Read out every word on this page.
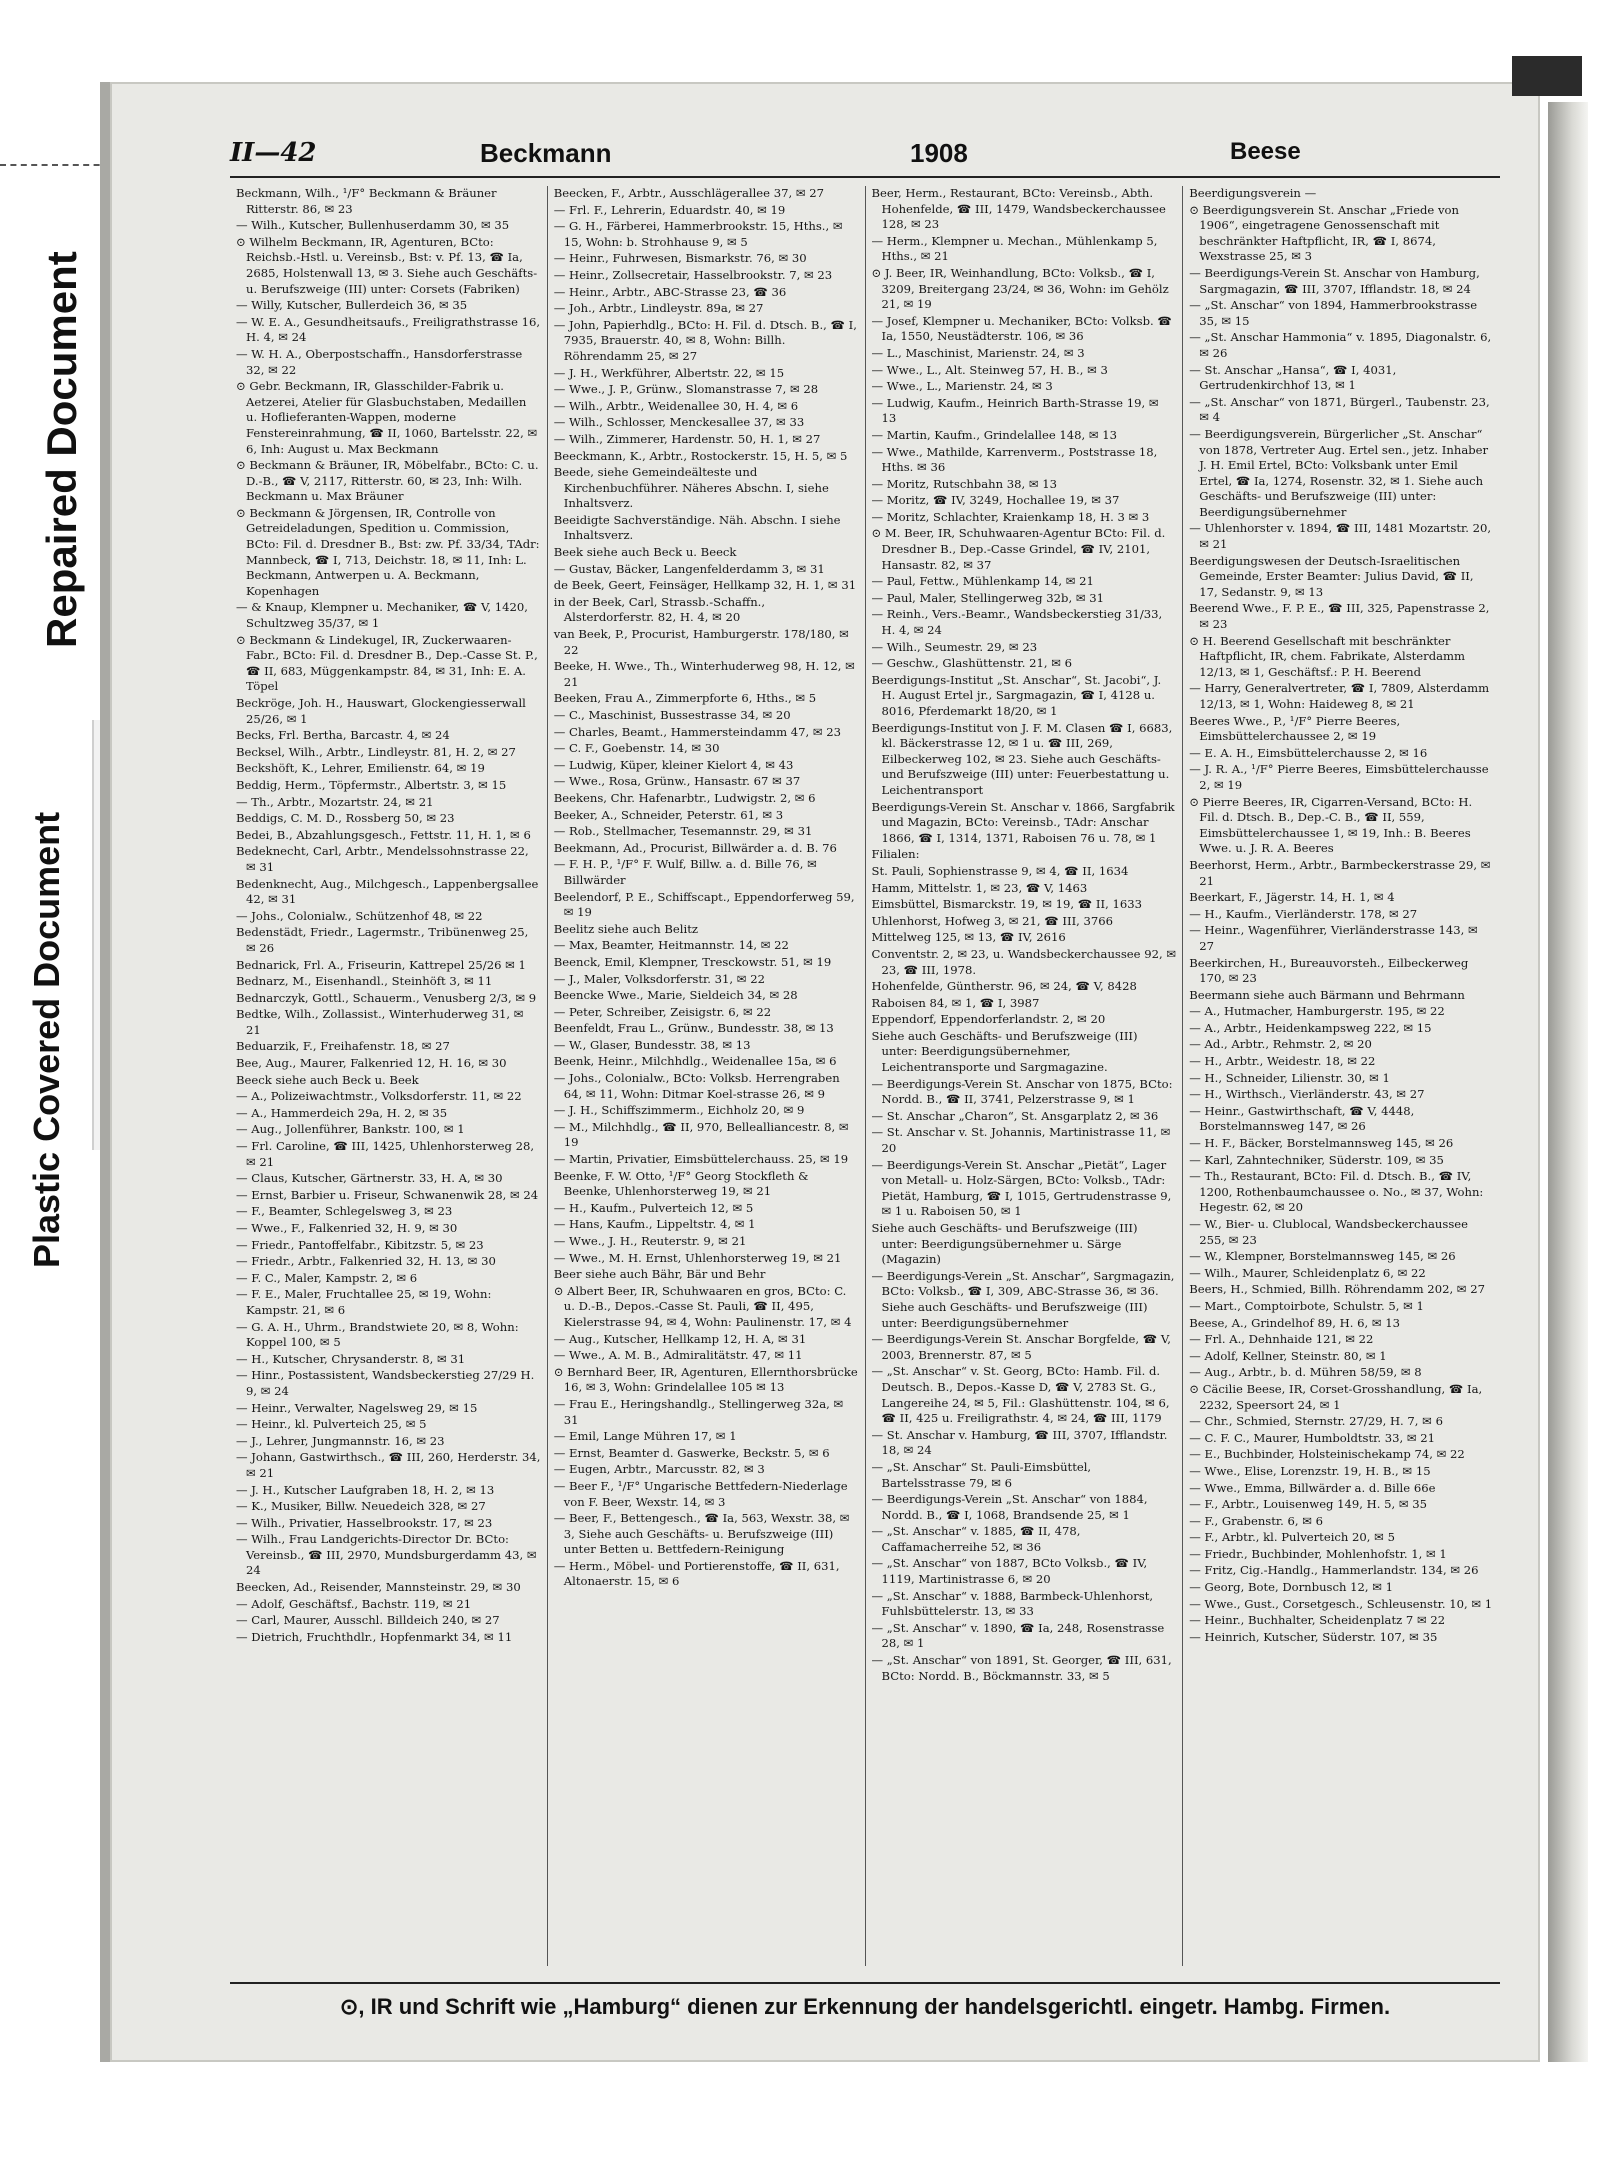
Repaired Document
Plastic Covered Document
II—42	Beckmann	1908	Beese
Beckmann, Wilh., ¹/F° Beckmann & Bräuner Ritterstr. 86, ✉ 23
— Wilh., Kutscher, Bullenhuserdamm 30, ✉ 35
⊙ Wilhelm Beckmann, IR, Agenturen, BCto: Reichsb.-Hstl. u. Vereinsb., Bst: v. Pf. 13, ☎ Ia, 2685, Holstenwall 13, ✉ 3. Siehe auch Geschäfts- u. Berufszweige (III) unter: Corsets (Fabriken)
— Willy, Kutscher, Bullerdeich 36, ✉ 35
— W. E. A., Gesundheitsaufs., Freiligrathstrasse 16, H. 4, ✉ 24
— W. H. A., Oberpostschaffn., Hansdorferstrasse 32, ✉ 22
⊙ Gebr. Beckmann, IR, Glasschilder-Fabrik u. Aetzerei, Atelier für Glasbuchstaben, Medaillen u. Hoflieferanten-Wappen, moderne Fenstereinrahmung, ☎ II, 1060, Bartelsstr. 22, ✉ 6, Inh: August u. Max Beckmann
⊙ Beckmann & Bräuner, IR, Möbelfabr., BCto: C. u. D.-B., ☎ V, 2117, Ritterstr. 60, ✉ 23, Inh: Wilh. Beckmann u. Max Bräuner
⊙ Beckmann & Jörgensen, IR, Controlle von Getreideladungen, Spedition u. Commission, BCto: Fil. d. Dresdner B., Bst: zw. Pf. 33/34, TAdr: Mannbeck, ☎ I, 713, Deichstr. 18, ✉ 11, Inh: L. Beckmann, Antwerpen u. A. Beckmann, Kopenhagen
— & Knaup, Klempner u. Mechaniker, ☎ V, 1420, Schultzweg 35/37, ✉ 1
⊙ Beckmann & Lindekugel, IR, Zuckerwaaren-Fabr., BCto: Fil. d. Dresdner B., Dep.-Casse St. P., ☎ II, 683, Müggenkampstr. 84, ✉ 31, Inh: E. A. Töpel
Beckröge, Joh. H., Hauswart, Glockengiesserwall 25/26, ✉ 1
Becks, Frl. Bertha, Barcastr. 4, ✉ 24
Becksel, Wilh., Arbtr., Lindleystr. 81, H. 2, ✉ 27
Beckshöft, K., Lehrer, Emilienstr. 64, ✉ 19
Beddig, Herm., Töpfermstr., Albertstr. 3, ✉ 15
— Th., Arbtr., Mozartstr. 24, ✉ 21
Beddigs, C. M. D., Rossberg 50, ✉ 23
Bedei, B., Abzahlungsgesch., Fettstr. 11, H. 1, ✉ 6
Bedeknecht, Carl, Arbtr., Mendelssohnstrasse 22, ✉ 31
Bedenknecht, Aug., Milchgesch., Lappenbergsallee 42, ✉ 31
— Johs., Colonialw., Schützenhof 48, ✉ 22
Bedenstädt, Friedr., Lagermstr., Tribünenweg 25, ✉ 26
Bednarick, Frl. A., Friseurin, Kattrepel 25/26 ✉ 1
Bednarz, M., Eisenhandl., Steinhöft 3, ✉ 11
Bednarczyk, Gottl., Schauerm., Venusberg 2/3, ✉ 9
Bedtke, Wilh., Zollassist., Winterhuderweg 31, ✉ 21
Beduarzik, F., Freihafenstr. 18, ✉ 27
Bee, Aug., Maurer, Falkenried 12, H. 16, ✉ 30
Beeck siehe auch Beck u. Beek
— A., Polizeiwachtmstr., Volksdorferstr. 11, ✉ 22
— A., Hammerdeich 29a, H. 2, ✉ 35
— Aug., Jollenführer, Bankstr. 100, ✉ 1
— Frl. Caroline, ☎ III, 1425, Uhlenhorsterweg 28, ✉ 21
— Claus, Kutscher, Gärtnerstr. 33, H. A, ✉ 30
— Ernst, Barbier u. Friseur, Schwanenwik 28, ✉ 24
— F., Beamter, Schlegelsweg 3, ✉ 23
— Wwe., F., Falkenried 32, H. 9, ✉ 30
— Friedr., Pantoffelfabr., Kibitzstr. 5, ✉ 23
— Friedr., Arbtr., Falkenried 32, H. 13, ✉ 30
— F. C., Maler, Kampstr. 2, ✉ 6
— F. E., Maler, Fruchtallee 25, ✉ 19, Wohn: Kampstr. 21, ✉ 6
— G. A. H., Uhrm., Brandstwiete 20, ✉ 8, Wohn: Koppel 100, ✉ 5
— H., Kutscher, Chrysanderstr. 8, ✉ 31
— Hinr., Postassistent, Wandsbeckerstieg 27/29 H. 9, ✉ 24
— Heinr., Verwalter, Nagelsweg 29, ✉ 15
— Heinr., kl. Pulverteich 25, ✉ 5
— J., Lehrer, Jungmannstr. 16, ✉ 23
— Johann, Gastwirthsch., ☎ III, 260, Herderstr. 34, ✉ 21
— J. H., Kutscher Laufgraben 18, H. 2, ✉ 13
— K., Musiker, Billw. Neuedeich 328, ✉ 27
— Wilh., Privatier, Hasselbrookstr. 17, ✉ 23
— Wilh., Frau Landgerichts-Director Dr. BCto: Vereinsb., ☎ III, 2970, Mundsburgerdamm 43, ✉ 24
Beecken, Ad., Reisender, Mannsteinstr. 29, ✉ 30
— Adolf, Geschäftsf., Bachstr. 119, ✉ 21
— Carl, Maurer, Ausschl. Billdeich 240, ✉ 27
— Dietrich, Fruchthdlr., Hopfenmarkt 34, ✉ 11
Beecken, F., Arbtr., Ausschlägerallee 37, ✉ 27
— Frl. F., Lehrerin, Eduardstr. 40, ✉ 19
— G. H., Färberei, Hammerbrookstr. 15, Hths., ✉ 15, Wohn: b. Strohhause 9, ✉ 5
— Heinr., Fuhrwesen, Bismarkstr. 76, ✉ 30
— Heinr., Zollsecretair, Hasselbrookstr. 7, ✉ 23
— Heinr., Arbtr., ABC-Strasse 23, ☎ 36
— Joh., Arbtr., Lindleystr. 89a, ✉ 27
— John, Papierhdlg., BCto: H. Fil. d. Dtsch. B., ☎ I, 7935, Brauerstr. 40, ✉ 8, Wohn: Billh. Röhrendamm 25, ✉ 27
— J. H., Werkführer, Albertstr. 22, ✉ 15
— Wwe., J. P., Grünw., Slomanstrasse 7, ✉ 28
— Wilh., Arbtr., Weidenallee 30, H. 4, ✉ 6
— Wilh., Schlosser, Menckesallee 37, ✉ 33
— Wilh., Zimmerer, Hardenstr. 50, H. 1, ✉ 27
Beeckmann, K., Arbtr., Rostockerstr. 15, H. 5, ✉ 5
Beede, siehe Gemeindeälteste und Kirchenbuchführer. Näheres Abschn. I, siehe Inhaltsverz.
Beeidigte Sachverständige. Näh. Abschn. I siehe Inhaltsverz.
Beek siehe auch Beck u. Beeck
— Gustav, Bäcker, Langenfelderdamm 3, ✉ 31
de Beek, Geert, Feinsäger, Hellkamp 32, H. 1, ✉ 31
in der Beek, Carl, Strassb.-Schaffn., Alsterdorferstr. 82, H. 4, ✉ 20
van Beek, P., Procurist, Hamburgerstr. 178/180, ✉ 22
Beeke, H. Wwe., Th., Winterhuderweg 98, H. 12, ✉ 21
Beeken, Frau A., Zimmerpforte 6, Hths., ✉ 5
— C., Maschinist, Bussestrasse 34, ✉ 20
— Charles, Beamt., Hammersteindamm 47, ✉ 23
— C. F., Goebenstr. 14, ✉ 30
— Ludwig, Küper, kleiner Kielort 4, ✉ 43
— Wwe., Rosa, Grünw., Hansastr. 67 ✉ 37
Beekens, Chr. Hafenarbtr., Ludwigstr. 2, ✉ 6
Beeker, A., Schneider, Peterstr. 61, ✉ 3
— Rob., Stellmacher, Tesemannstr. 29, ✉ 31
Beekmann, Ad., Procurist, Billwärder a. d. B. 76
— F. H. P., ¹/F° F. Wulf, Billw. a. d. Bille 76, ✉ Billwärder
Beelendorf, P. E., Schiffscapt., Eppendorferweg 59, ✉ 19
Beelitz siehe auch Belitz
— Max, Beamter, Heitmannstr. 14, ✉ 22
Beenck, Emil, Klempner, Tresckowstr. 51, ✉ 19
— J., Maler, Volksdorferstr. 31, ✉ 22
Beencke Wwe., Marie, Sieldeich 34, ✉ 28
— Peter, Schreiber, Zeisigstr. 6, ✉ 22
Beenfeldt, Frau L., Grünw., Bundesstr. 38, ✉ 13
— W., Glaser, Bundesstr. 38, ✉ 13
Beenk, Heinr., Milchhdlg., Weidenallee 15a, ✉ 6
— Johs., Colonialw., BCto: Volksb. Herrengraben 64, ✉ 11, Wohn: Ditmar Koel-strasse 26, ✉ 9
— J. H., Schiffszimmerm., Eichholz 20, ✉ 9
— M., Milchhdlg., ☎ II, 970, Bellealliancestr. 8, ✉ 19
— Martin, Privatier, Eimsbüttelerchauss. 25, ✉ 19
Beenke, F. W. Otto, ¹/F° Georg Stockfleth & Beenke, Uhlenhorsterweg 19, ✉ 21
— H., Kaufm., Pulverteich 12, ✉ 5
— Hans, Kaufm., Lippeltstr. 4, ✉ 1
— Wwe., J. H., Reuterstr. 9, ✉ 21
— Wwe., M. H. Ernst, Uhlenhorsterweg 19, ✉ 21
Beer siehe auch Bähr, Bär und Behr
⊙ Albert Beer, IR, Schuhwaaren en gros, BCto: C. u. D.-B., Depos.-Casse St. Pauli, ☎ II, 495, Kielerstrasse 94, ✉ 4, Wohn: Paulinenstr. 17, ✉ 4
— Aug., Kutscher, Hellkamp 12, H. A, ✉ 31
— Wwe., A. M. B., Admiralitätstr. 47, ✉ 11
⊙ Bernhard Beer, IR, Agenturen, Ellernthorsbrücke 16, ✉ 3, Wohn: Grindelallee 105 ✉ 13
— Frau E., Heringshandlg., Stellingerweg 32a, ✉ 31
— Emil, Lange Mühren 17, ✉ 1
— Ernst, Beamter d. Gaswerke, Beckstr. 5, ✉ 6
— Eugen, Arbtr., Marcusstr. 82, ✉ 3
— Beer F., ¹/F° Ungarische Bettfedern-Niederlage von F. Beer, Wexstr. 14, ✉ 3
— Beer, F., Bettengesch., ☎ Ia, 563, Wexstr. 38, ✉ 3, Siehe auch Geschäfts- u. Berufszweige (III) unter Betten u. Bettfedern-Reinigung
— Herm., Möbel- und Portierenstoffe, ☎ II, 631, Altonaerstr. 15, ✉ 6
Beer, Herm., Restaurant, BCto: Vereinsb., Abth. Hohenfelde, ☎ III, 1479, Wandsbeckerchaussee 128, ✉ 23
— Herm., Klempner u. Mechan., Mühlenkamp 5, Hths., ✉ 21
⊙ J. Beer, IR, Weinhandlung, BCto: Volksb., ☎ I, 3209, Breitergang 23/24, ✉ 36, Wohn: im Gehölz 21, ✉ 19
— Josef, Klempner u. Mechaniker, BCto: Volksb. ☎ Ia, 1550, Neustädterstr. 106, ✉ 36
— L., Maschinist, Marienstr. 24, ✉ 3
— Wwe., L., Alt. Steinweg 57, H. B., ✉ 3
— Wwe., L., Marienstr. 24, ✉ 3
— Ludwig, Kaufm., Heinrich Barth-Strasse 19, ✉ 13
— Martin, Kaufm., Grindelallee 148, ✉ 13
— Wwe., Mathilde, Karrenverm., Poststrasse 18, Hths. ✉ 36
— Moritz, Rutschbahn 38, ✉ 13
— Moritz, ☎ IV, 3249, Hochallee 19, ✉ 37
— Moritz, Schlachter, Kraienkamp 18, H. 3 ✉ 3
⊙ M. Beer, IR, Schuhwaaren-Agentur BCto: Fil. d. Dresdner B., Dep.-Casse Grindel, ☎ IV, 2101, Hansastr. 82, ✉ 37
— Paul, Fettw., Mühlenkamp 14, ✉ 21
— Paul, Maler, Stellingerweg 32b, ✉ 31
— Reinh., Vers.-Beamr., Wandsbeckerstieg 31/33, H. 4, ✉ 24
— Wilh., Seumestr. 29, ✉ 23
— Geschw., Glashüttenstr. 21, ✉ 6
Beerdigungs-Institut „St. Anschar“, St. Jacobi“, J. H. August Ertel jr., Sargmagazin, ☎ I, 4128 u. 8016, Pferdemarkt 18/20, ✉ 1
Beerdigungs-Institut von J. F. M. Clasen ☎ I, 6683, kl. Bäckerstrasse 12, ✉ 1 u. ☎ III, 269, Eilbeckerweg 102, ✉ 23. Siehe auch Geschäfts- und Berufszweige (III) unter: Feuerbestattung u. Leichentransport
Beerdigungs-Verein St. Anschar v. 1866, Sargfabrik und Magazin, BCto: Vereinsb., TAdr: Anschar 1866, ☎ I, 1314, 1371, Raboisen 76 u. 78, ✉ 1
Filialen:
St. Pauli, Sophienstrasse 9, ✉ 4, ☎ II, 1634
Hamm, Mittelstr. 1, ✉ 23, ☎ V, 1463
Eimsbüttel, Bismarckstr. 19, ✉ 19, ☎ II, 1633
Uhlenhorst, Hofweg 3, ✉ 21, ☎ III, 3766
Mittelweg 125, ✉ 13, ☎ IV, 2616
Conventstr. 2, ✉ 23, u. Wandsbeckerchaussee 92, ✉ 23, ☎ III, 1978.
Hohenfelde, Güntherstr. 96, ✉ 24, ☎ V, 8428
Raboisen 84, ✉ 1, ☎ I, 3987
Eppendorf, Eppendorferlandstr. 2, ✉ 20
Siehe auch Geschäfts- und Berufszweige (III) unter: Beerdigungsübernehmer, Leichentransporte und Sargmagazine.
— Beerdigungs-Verein St. Anschar von 1875, BCto: Nordd. B., ☎ II, 3741, Pelzerstrasse 9, ✉ 1
— St. Anschar „Charon“, St. Ansgarplatz 2, ✉ 36
— St. Anschar v. St. Johannis, Martinistrasse 11, ✉ 20
— Beerdigungs-Verein St. Anschar „Pietät“, Lager von Metall- u. Holz-Särgen, BCto: Volksb., TAdr: Pietät, Hamburg, ☎ I, 1015, Gertrudenstrasse 9, ✉ 1 u. Raboisen 50, ✉ 1
Siehe auch Geschäfts- und Berufszweige (III) unter: Beerdigungsübernehmer u. Särge (Magazin)
— Beerdigungs-Verein „St. Anschar“, Sargmagazin, BCto: Volksb., ☎ I, 309, ABC-Strasse 36, ✉ 36. Siehe auch Geschäfts- und Berufszweige (III) unter: Beerdigungsübernehmer
— Beerdigungs-Verein St. Anschar Borgfelde, ☎ V, 2003, Brennerstr. 87, ✉ 5
— „St. Anschar“ v. St. Georg, BCto: Hamb. Fil. d. Deutsch. B., Depos.-Kasse D, ☎ V, 2783 St. G., Langereihe 24, ✉ 5, Fil.: Glashüttenstr. 104, ✉ 6, ☎ II, 425 u. Freiligrathstr. 4, ✉ 24, ☎ III, 1179
— St. Anschar v. Hamburg, ☎ III, 3707, Ifflandstr. 18, ✉ 24
— „St. Anschar“ St. Pauli-Eimsbüttel, Bartelsstrasse 79, ✉ 6
— Beerdigungs-Verein „St. Anschar“ von 1884, Nordd. B., ☎ I, 1068, Brandsende 25, ✉ 1
— „St. Anschar“ v. 1885, ☎ II, 478, Caffamacherreihe 52, ✉ 36
— „St. Anschar“ von 1887, BCto Volksb., ☎ IV, 1119, Martinistrasse 6, ✉ 20
— „St. Anschar“ v. 1888, Barmbeck-Uhlenhorst, Fuhlsbüttelerstr. 13, ✉ 33
— „St. Anschar“ v. 1890, ☎ Ia, 248, Rosenstrasse 28, ✉ 1
— „St. Anschar“ von 1891, St. Georger, ☎ III, 631, BCto: Nordd. B., Böckmannstr. 33, ✉ 5
Beerdigungsverein —
⊙ Beerdigungsverein St. Anschar „Friede von 1906“, eingetragene Genossenschaft mit beschränkter Haftpflicht, IR, ☎ I, 8674, Wexstrasse 25, ✉ 3
— Beerdigungs-Verein St. Anschar von Hamburg, Sargmagazin, ☎ III, 3707, Ifflandstr. 18, ✉ 24
— „St. Anschar“ von 1894, Hammerbrookstrasse 35, ✉ 15
— „St. Anschar Hammonia“ v. 1895, Diagonalstr. 6, ✉ 26
— St. Anschar „Hansa“, ☎ I, 4031, Gertrudenkirchhof 13, ✉ 1
— „St. Anschar“ von 1871, Bürgerl., Taubenstr. 23, ✉ 4
— Beerdigungsverein, Bürgerlicher „St. Anschar“ von 1878, Vertreter Aug. Ertel sen., jetz. Inhaber J. H. Emil Ertel, BCto: Volksbank unter Emil Ertel, ☎ Ia, 1274, Rosenstr. 32, ✉ 1. Siehe auch Geschäfts- und Berufszweige (III) unter: Beerdigungsübernehmer
— Uhlenhorster v. 1894, ☎ III, 1481 Mozartstr. 20, ✉ 21
Beerdigungswesen der Deutsch-Israelitischen Gemeinde, Erster Beamter: Julius David, ☎ II, 17, Sedanstr. 9, ✉ 13
Beerend Wwe., F. P. E., ☎ III, 325, Papenstrasse 2, ✉ 23
⊙ H. Beerend Gesellschaft mit beschränkter Haftpflicht, IR, chem. Fabrikate, Alsterdamm 12/13, ✉ 1, Geschäftsf.: P. H. Beerend
— Harry, Generalvertreter, ☎ I, 7809, Alsterdamm 12/13, ✉ 1, Wohn: Haideweg 8, ✉ 21
Beeres Wwe., P., ¹/F° Pierre Beeres, Eimsbüttelerchaussee 2, ✉ 19
— E. A. H., Eimsbüttelerchausse 2, ✉ 16
— J. R. A., ¹/F° Pierre Beeres, Eimsbüttelerchausse 2, ✉ 19
⊙ Pierre Beeres, IR, Cigarren-Versand, BCto: H. Fil. d. Dtsch. B., Dep.-C. B., ☎ II, 559, Eimsbüttelerchaussee 1, ✉ 19, Inh.: B. Beeres Wwe. u. J. R. A. Beeres
Beerhorst, Herm., Arbtr., Barmbeckerstrasse 29, ✉ 21
Beerkart, F., Jägerstr. 14, H. 1, ✉ 4
— H., Kaufm., Vierländerstr. 178, ✉ 27
— Heinr., Wagenführer, Vierländerstrasse 143, ✉ 27
Beerkirchen, H., Bureauvorsteh., Eilbeckerweg 170, ✉ 23
Beermann siehe auch Bärmann und Behrmann
— A., Hutmacher, Hamburgerstr. 195, ✉ 22
— A., Arbtr., Heidenkampsweg 222, ✉ 15
— Ad., Arbtr., Rehmstr. 2, ✉ 20
— H., Arbtr., Weidestr. 18, ✉ 22
— H., Schneider, Lilienstr. 30, ✉ 1
— H., Wirthsch., Vierländerstr. 43, ✉ 27
— Heinr., Gastwirthschaft, ☎ V, 4448, Borstelmannsweg 147, ✉ 26
— H. F., Bäcker, Borstelmannsweg 145, ✉ 26
— Karl, Zahntechniker, Süderstr. 109, ✉ 35
— Th., Restaurant, BCto: Fil. d. Dtsch. B., ☎ IV, 1200, Rothenbaumchaussee o. No., ✉ 37, Wohn: Hegestr. 62, ✉ 20
— W., Bier- u. Clublocal, Wandsbeckerchaussee 255, ✉ 23
— W., Klempner, Borstelmannsweg 145, ✉ 26
— Wilh., Maurer, Schleidenplatz 6, ✉ 22
Beers, H., Schmied, Billh. Röhrendamm 202, ✉ 27
— Mart., Comptoirbote, Schulstr. 5, ✉ 1
Beese, A., Grindelhof 89, H. 6, ✉ 13
— Frl. A., Dehnhaide 121, ✉ 22
— Adolf, Kellner, Steinstr. 80, ✉ 1
— Aug., Arbtr., b. d. Mühren 58/59, ✉ 8
⊙ Cäcilie Beese, IR, Corset-Grosshandlung, ☎ Ia, 2232, Speersort 24, ✉ 1
— Chr., Schmied, Sternstr. 27/29, H. 7, ✉ 6
— C. F. C., Maurer, Humboldtstr. 33, ✉ 21
— E., Buchbinder, Holsteinischekamp 74, ✉ 22
— Wwe., Elise, Lorenzstr. 19, H. B., ✉ 15
— Wwe., Emma, Billwärder a. d. Bille 66e
— F., Arbtr., Louisenweg 149, H. 5, ✉ 35
— F., Grabenstr. 6, ✉ 6
— F., Arbtr., kl. Pulverteich 20, ✉ 5
— Friedr., Buchbinder, Mohlenhofstr. 1, ✉ 1
— Fritz, Cig.-Handlg., Hammerlandstr. 134, ✉ 26
— Georg, Bote, Dornbusch 12, ✉ 1
— Wwe., Gust., Corsetgesch., Schleusenstr. 10, ✉ 1
— Heinr., Buchhalter, Scheidenplatz 7 ✉ 22
— Heinrich, Kutscher, Süderstr. 107, ✉ 35
⊙, IR und Schrift wie „Hamburg“ dienen zur Erkennung der handelsgerichtl. eingetr. Hambg. Firmen.
